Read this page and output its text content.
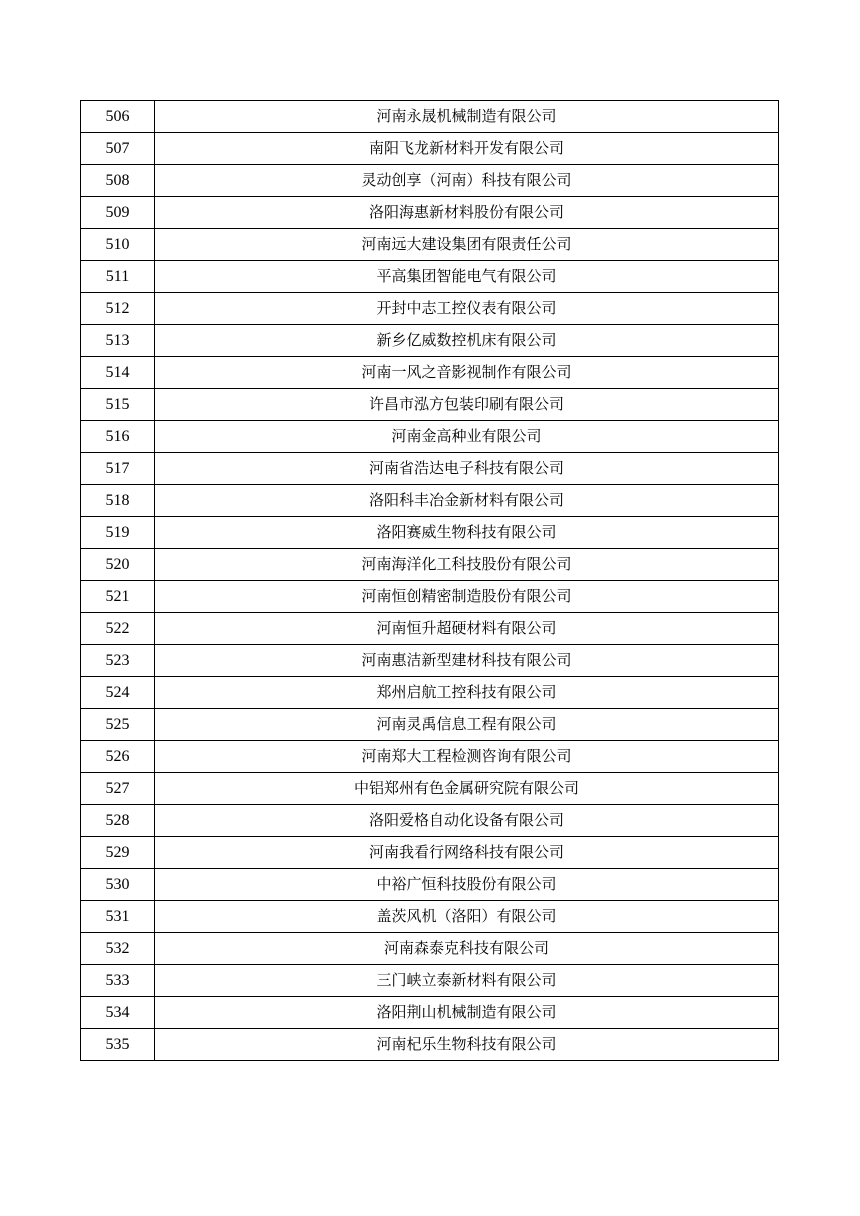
506	河南永晟机械制造有限公司
507	南阳飞龙新材料开发有限公司
508	灵动创享（河南）科技有限公司
509	洛阳海惠新材料股份有限公司
510	河南远大建设集团有限责任公司
511	平高集团智能电气有限公司
512	开封中志工控仪表有限公司
513	新乡亿威数控机床有限公司
514	河南一风之音影视制作有限公司
515	许昌市泓方包装印刷有限公司
516	河南金高种业有限公司
517	河南省浩达电子科技有限公司
518	洛阳科丰冶金新材料有限公司
519	洛阳赛威生物科技有限公司
520	河南海洋化工科技股份有限公司
521	河南恒创精密制造股份有限公司
522	河南恒升超硬材料有限公司
523	河南惠洁新型建材科技有限公司
524	郑州启航工控科技有限公司
525	河南灵禹信息工程有限公司
526	河南郑大工程检测咨询有限公司
527	中铝郑州有色金属研究院有限公司
528	洛阳爱格自动化设备有限公司
529	河南我看行网络科技有限公司
530	中裕广恒科技股份有限公司
531	盖茨风机（洛阳）有限公司
532	河南森泰克科技有限公司
533	三门峡立泰新材料有限公司
534	洛阳荆山机械制造有限公司
535	河南杞乐生物科技有限公司
